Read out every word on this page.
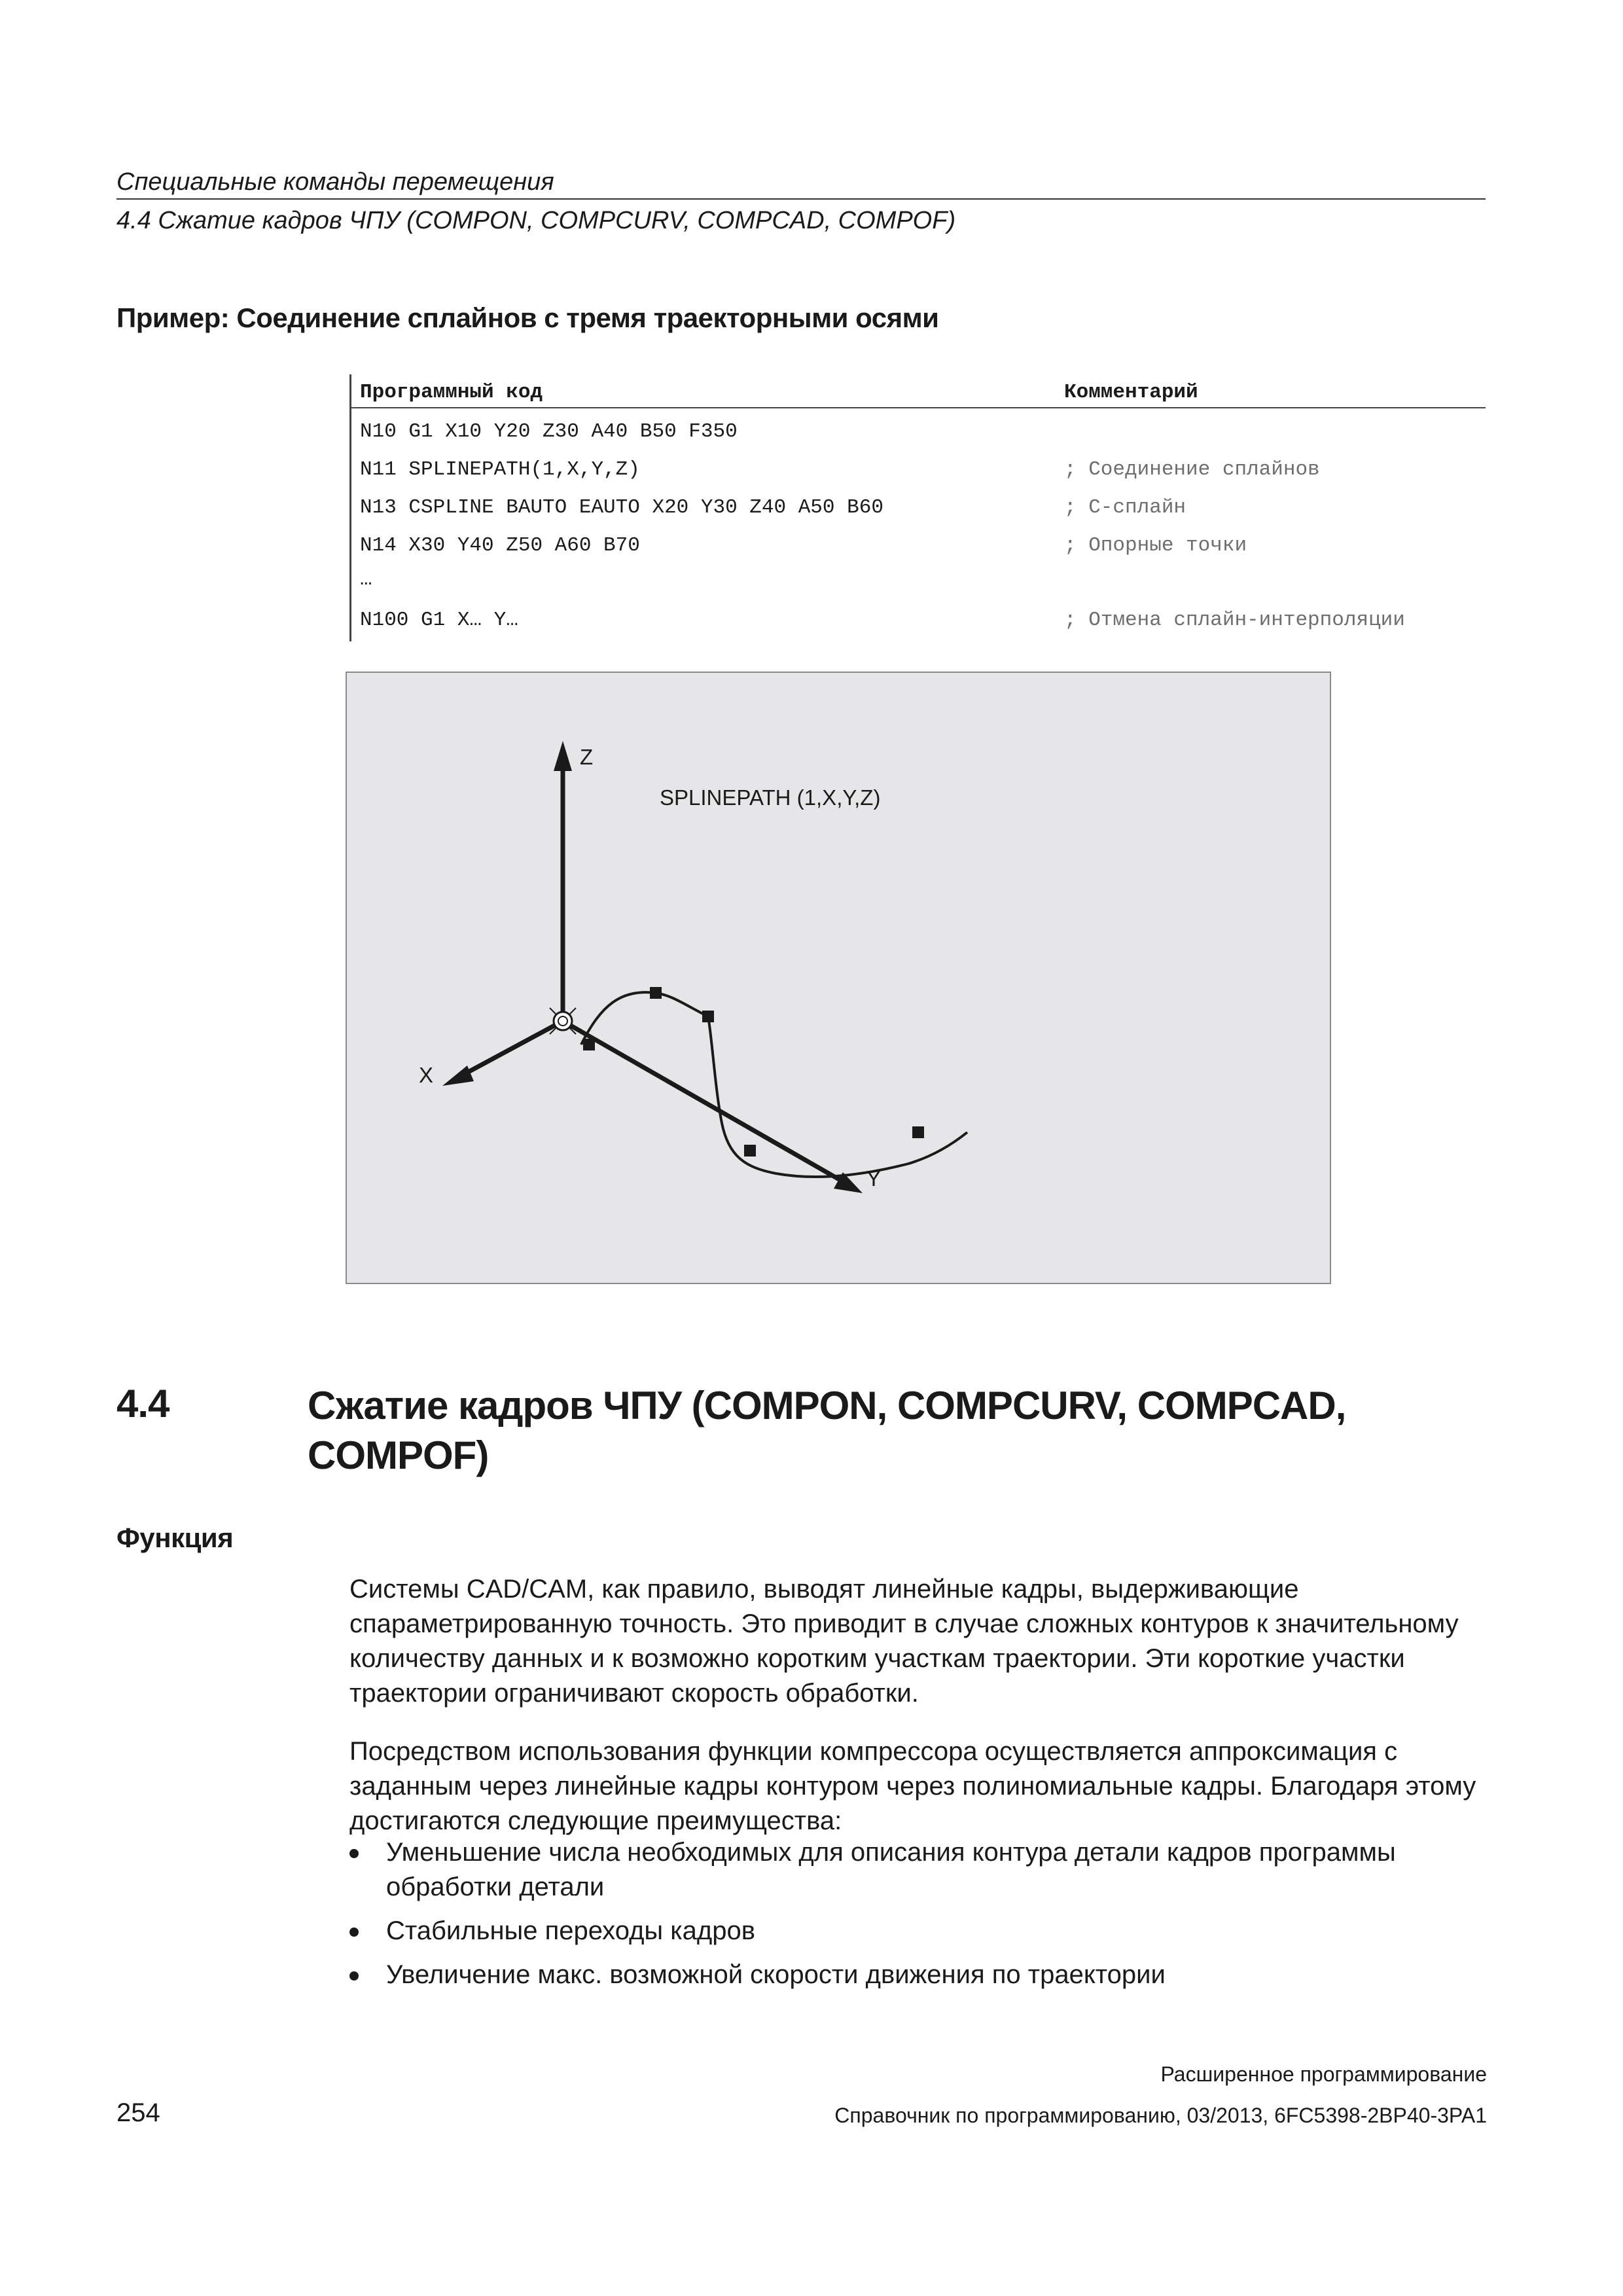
Специальные команды перемещения
4.4 Сжатие кадров ЧПУ (COMPON, COMPCURV, COMPCAD, COMPOF)
Пример: Соединение сплайнов с тремя траекторными осями
Программный код	Комментарий
N10 G1 X10 Y20 Z30 A40 B50 F350
N11 SPLINEPATH(1,X,Y,Z)	; Соединение сплайнов
N13 CSPLINE BAUTO EAUTO X20 Y30 Z40 A50 B60	; C-сплайн
N14 X30 Y40 Z50 A60 B70	; Опорные точки
…
N100 G1 X… Y…	; Отмена сплайн-интерполяции
Z
X
Y
SPLINEPATH (1,X,Y,Z)
4.4	Сжатие кадров ЧПУ (COMPON, COMPCURV, COMPCAD, COMPOF)
Функция
Системы CAD/CAM, как правило, выводят линейные кадры, выдерживающие спараметрированную точность. Это приводит в случае сложных контуров к значительному количеству данных и к возможно коротким участкам траектории. Эти короткие участки траектории ограничивают скорость обработки.
Посредством использования функции компрессора осуществляется аппроксимация с заданным через линейные кадры контуром через полиномиальные кадры. Благодаря этому достигаются следующие преимущества:
Уменьшение числа необходимых для описания контура детали кадров программы обработки детали
Стабильные переходы кадров
Увеличение макс. возможной скорости движения по траектории
Расширенное программирование
Справочник по программированию, 03/2013, 6FC5398-2BP40-3PA1
254
